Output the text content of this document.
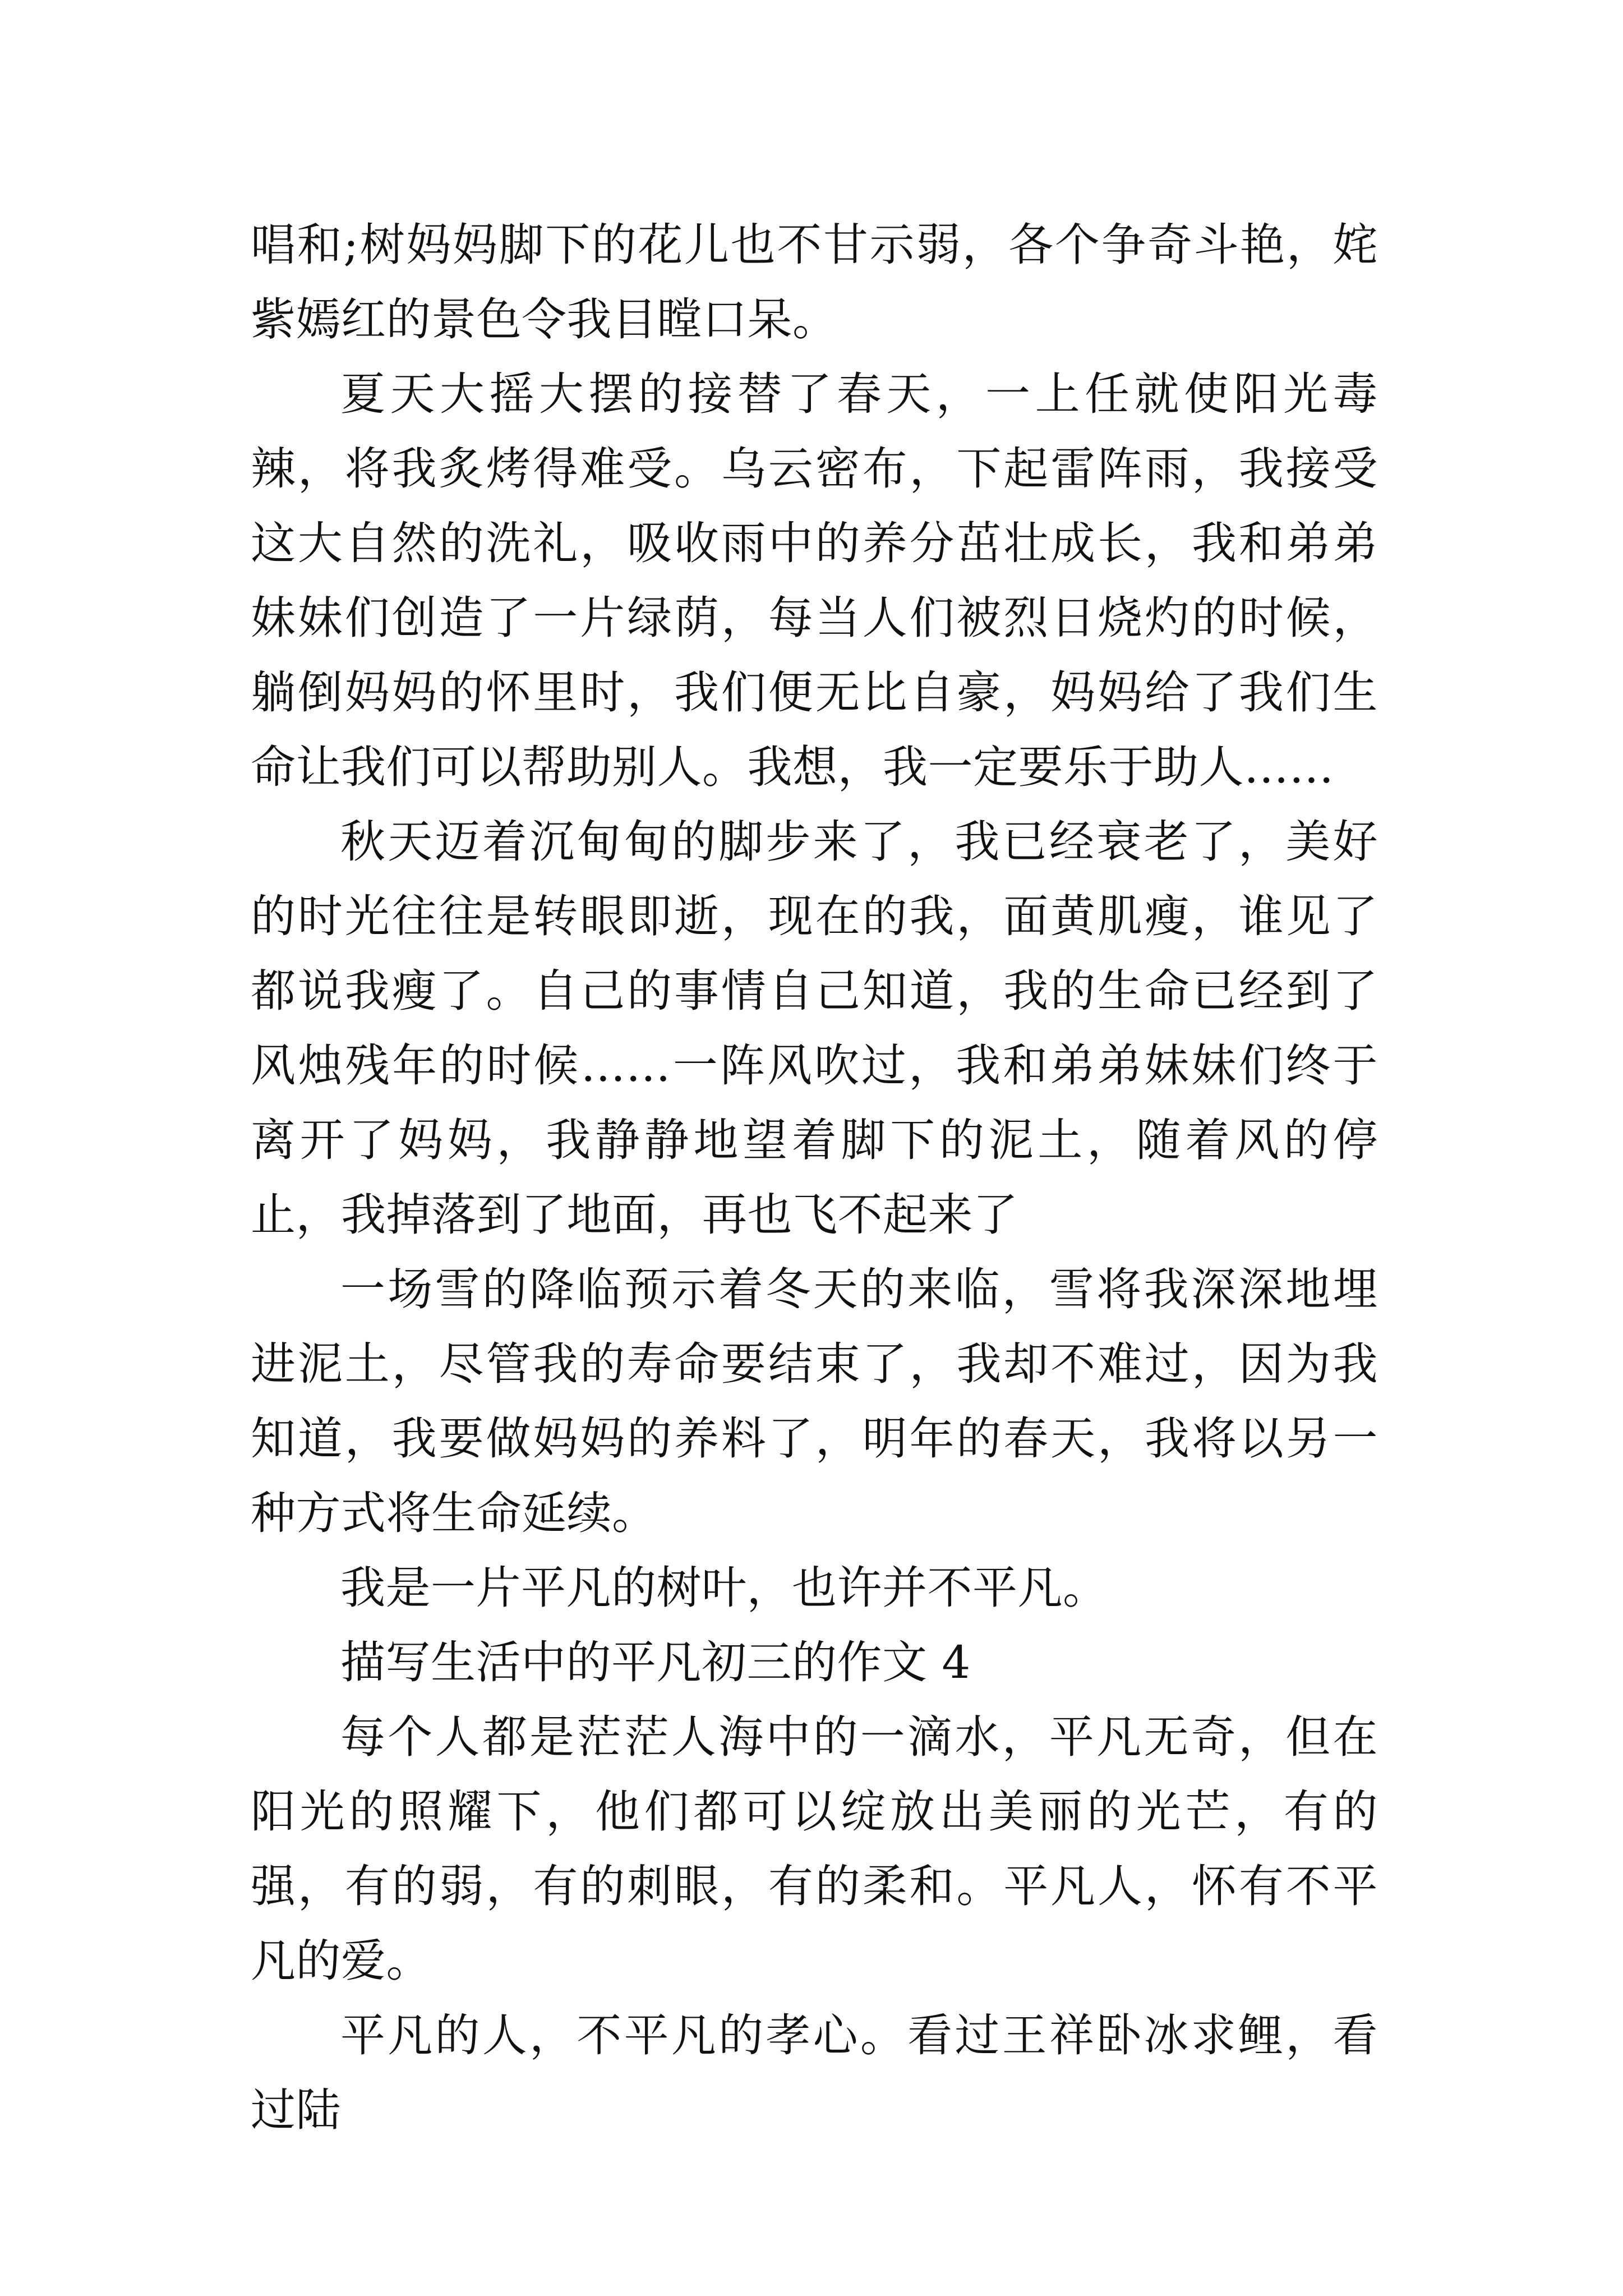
唱和;树妈妈脚下的花儿也不甘示弱，各个争奇斗艳，姹紫嫣红的景色令我目瞠口呆。

夏天大摇大摆的接替了春天，一上任就使阳光毒辣，将我炙烤得难受。乌云密布，下起雷阵雨，我接受这大自然的洗礼，吸收雨中的养分茁壮成长，我和弟弟妹妹们创造了一片绿荫，每当人们被烈日烧灼的时候，躺倒妈妈的怀里时，我们便无比自豪，妈妈给了我们生命让我们可以帮助别人。我想，我一定要乐于助人……

秋天迈着沉甸甸的脚步来了，我已经衰老了，美好的时光往往是转眼即逝，现在的我，面黄肌瘦，谁见了都说我瘦了。自己的事情自己知道，我的生命已经到了风烛残年的时候……一阵风吹过，我和弟弟妹妹们终于离开了妈妈，我静静地望着脚下的泥土，随着风的停止，我掉落到了地面，再也飞不起来了

一场雪的降临预示着冬天的来临，雪将我深深地埋进泥土，尽管我的寿命要结束了，我却不难过，因为我知道，我要做妈妈的养料了，明年的春天，我将以另一种方式将生命延续。

我是一片平凡的树叶，也许并不平凡。

描写生活中的平凡初三的作文 4

每个人都是茫茫人海中的一滴水，平凡无奇，但在阳光的照耀下，他们都可以绽放出美丽的光芒，有的强，有的弱，有的刺眼，有的柔和。平凡人，怀有不平凡的爱。

平凡的人，不平凡的孝心。看过王祥卧冰求鲤，看过陆
